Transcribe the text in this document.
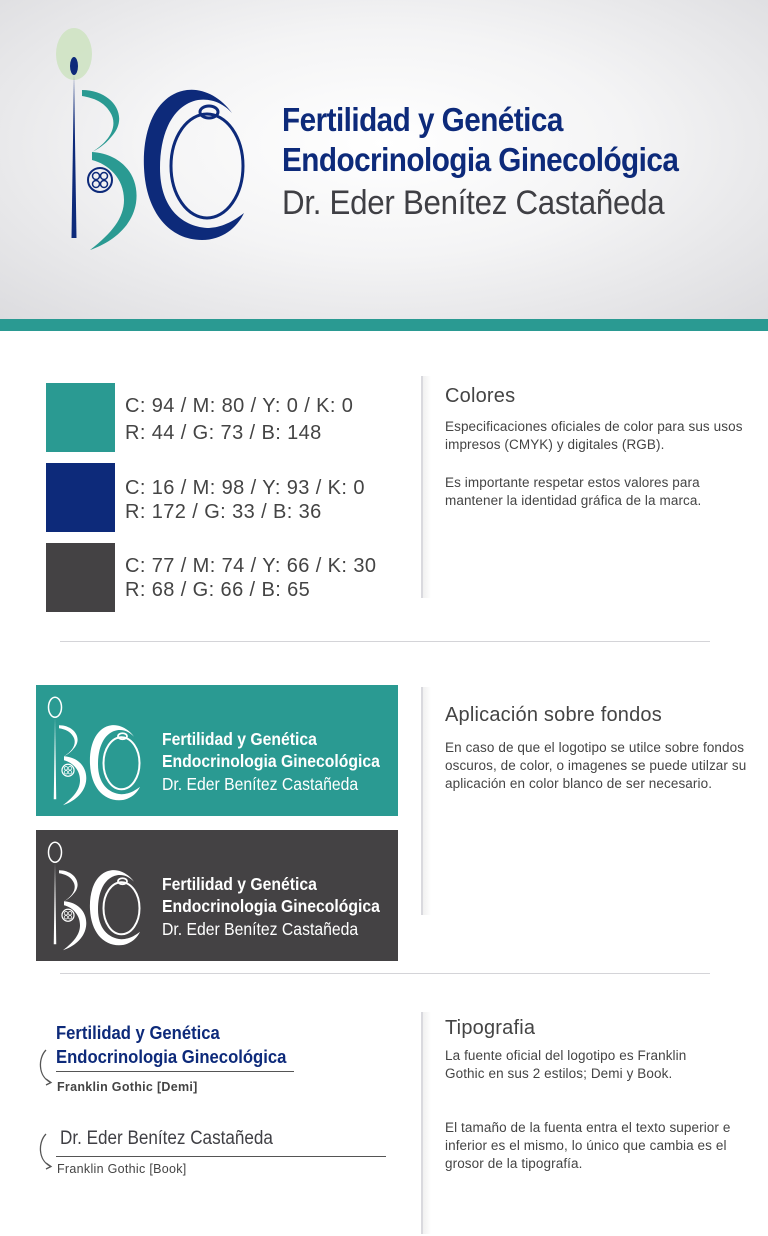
Fertilidad y Genética
Endocrinologia Ginecológica
Dr. Eder Benítez Castañeda
C: 94 / M: 80 / Y: 0 / K: 0
R: 44 / G: 73 / B: 148
C: 16 / M: 98 / Y: 93 / K: 0
R: 172 / G: 33 / B: 36
C: 77 / M: 74 / Y: 66 / K: 30
R: 68 / G: 66 / B: 65
Colores
Especificaciones oficiales de color para sus usos impresos (CMYK) y digitales (RGB).
Es importante respetar estos valores para mantener la identidad gráfica de la marca.
Fertilidad y Genética
Endocrinologia Ginecológica
Dr. Eder Benítez Castañeda
Fertilidad y Genética
Endocrinologia Ginecológica
Dr. Eder Benítez Castañeda
Aplicación sobre fondos
En caso de que el logotipo se utilce sobre fondos oscuros, de color, o imagenes se puede utilzar su aplicación en color blanco de ser necesario.
Fertilidad y Genética
Endocrinologia Ginecológica
Franklin Gothic [Demi]
Dr. Eder Benítez Castañeda
Franklin Gothic [Book]
Tipografia
La fuente oficial del logotipo es Franklin Gothic en sus 2 estilos; Demi y Book.
El tamaño de la fuenta entra el texto superior e inferior es el mismo, lo único que cambia es el grosor de la tipografía.
